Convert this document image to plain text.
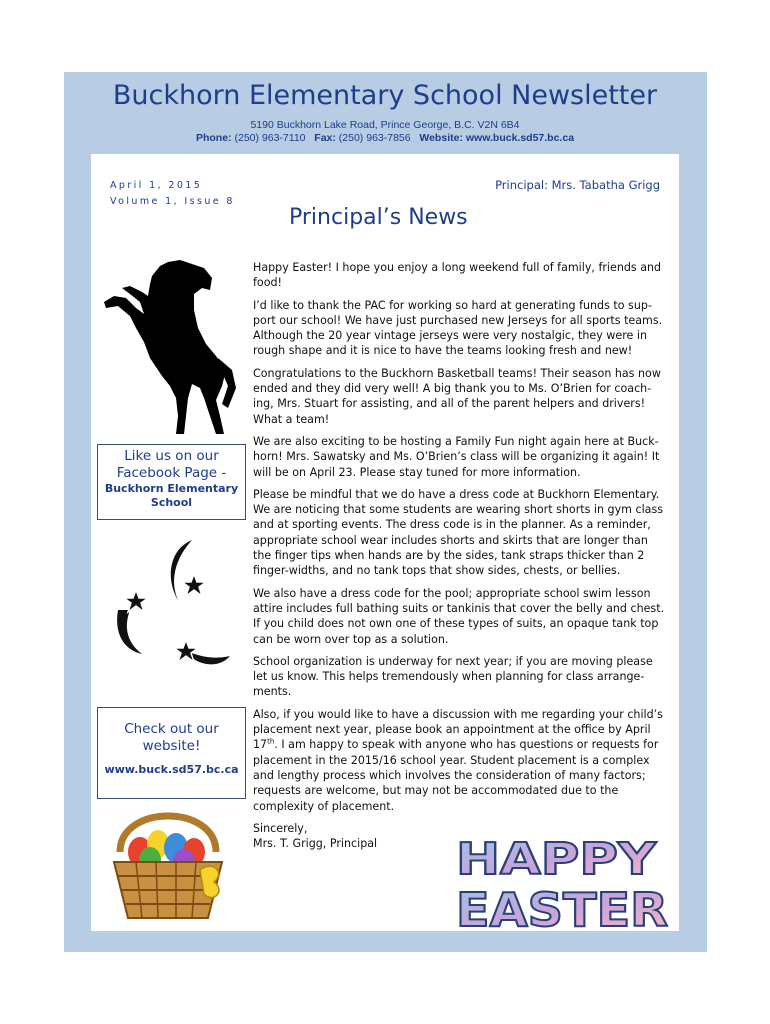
Buckhorn Elementary School Newsletter
5190 Buckhorn Lake Road, Prince George, B.C. V2N 6B4
Phone: (250) 963-7110 Fax: (250) 963-7856 Website: www.buck.sd57.bc.ca
April 1, 2015
Volume 1, Issue 8
Principal: Mrs. Tabatha Grigg
Principal’s News
Like us on our Facebook Page -
Buckhorn Elementary School
Check out our website!
www.buck.sd57.bc.ca

Happy Easter! I hope you enjoy a long weekend full of family, friends and food!

I’d like to thank the PAC for working so hard at generating funds to sup-port our school! We have just purchased new Jerseys for all sports teams. Although the 20 year vintage jerseys were very nostalgic, they were in rough shape and it is nice to have the teams looking fresh and new!

Congratulations to the Buckhorn Basketball teams! Their season has now ended and they did very well! A big thank you to Ms. O’Brien for coach-ing, Mrs. Stuart for assisting, and all of the parent helpers and drivers! What a team!

We are also exciting to be hosting a Family Fun night again here at Buck-horn! Mrs. Sawatsky and Ms. O’Brien’s class will be organizing it again! It will be on April 23. Please stay tuned for more information.

Please be mindful that we do have a dress code at Buckhorn Elementary. We are noticing that some students are wearing short shorts in gym class and at sporting events. The dress code is in the planner. As a reminder, appropriate school wear includes shorts and skirts that are longer than the finger tips when hands are by the sides, tank straps thicker than 2 finger-widths, and no tank tops that show sides, chests, or bellies.

We also have a dress code for the pool; appropriate school swim lesson attire includes full bathing suits or tankinis that cover the belly and chest. If you child does not own one of these types of suits, an opaque tank top can be worn over top as a solution.

School organization is underway for next year; if you are moving please let us know. This helps tremendously when planning for class arrange-ments.

Also, if you would like to have a discussion with me regarding your child’s placement next year, please book an appointment at the office by April 17th. I am happy to speak with anyone who has questions or requests for placement in the 2015/16 school year. Student placement is a complex and lengthy process which involves the consideration of many factors; requests are welcome, but may not be accommodated due to the complexity of placement.

Sincerely,
Mrs. T. Grigg, Principal	HAPPY
EASTER
